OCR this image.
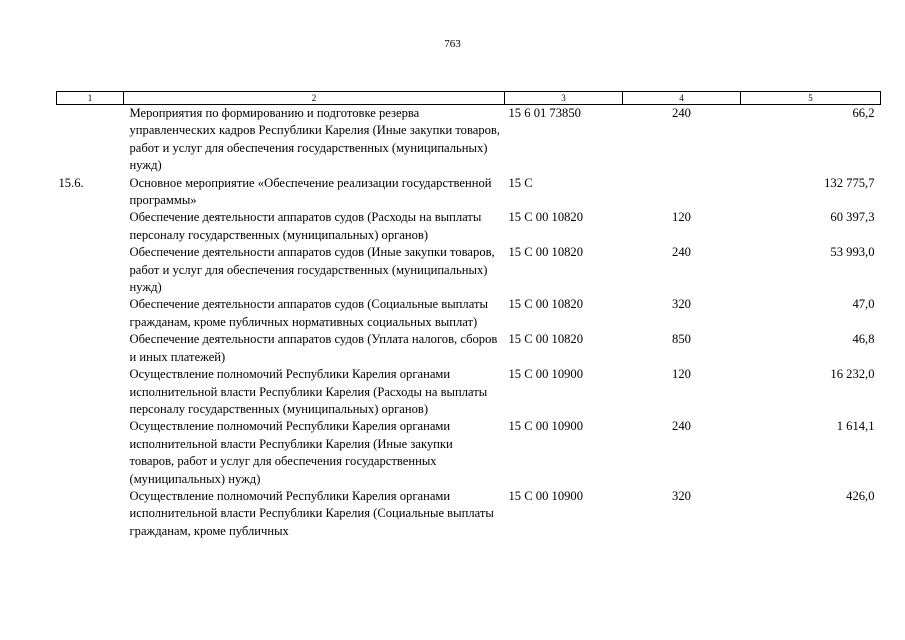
763
1	2	3	4	5
	Мероприятия по формированию и подготовке резерва управленческих кадров Республики Карелия (Иные закупки товаров, работ и услуг для обеспечения государственных (муниципальных) нужд)	15 6 01 73850	240	66,2
15.6.	Основное мероприятие «Обеспечение реализации государственной программы»	15 С		132 775,7
	Обеспечение деятельности аппаратов судов (Расходы на выплаты персоналу государственных (муниципальных) органов)	15 С 00 10820	120	60 397,3
	Обеспечение деятельности аппаратов судов (Иные закупки товаров, работ и услуг для обеспечения государственных (муниципальных) нужд)	15 С 00 10820	240	53 993,0
	Обеспечение деятельности аппаратов судов (Социальные выплаты гражданам, кроме публичных нормативных социальных выплат)	15 С 00 10820	320	47,0
	Обеспечение деятельности аппаратов судов (Уплата налогов, сборов и иных платежей)	15 С 00 10820	850	46,8
	Осуществление полномочий Республики Карелия органами исполнительной власти Республики Карелия (Расходы на выплаты персоналу государственных (муниципальных) органов)	15 С 00 10900	120	16 232,0
	Осуществление полномочий Республики Карелия органами исполнительной власти Республики Карелия (Иные закупки товаров, работ и услуг для обеспечения государственных (муниципальных) нужд)	15 С 00 10900	240	1 614,1
	Осуществление полномочий Республики Карелия органами исполнительной власти Республики Карелия (Социальные выплаты гражданам, кроме публичных	15 С 00 10900	320	426,0
